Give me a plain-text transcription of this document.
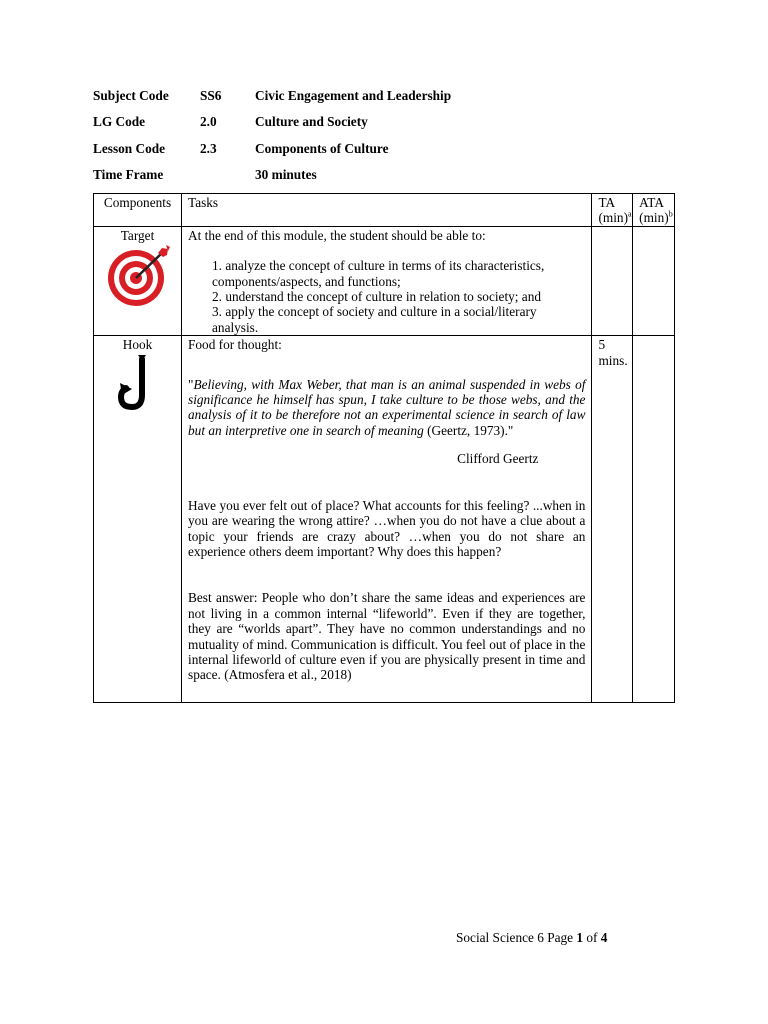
Subject Code	SS6	Civic Engagement and Leadership
LG Code	2.0	Culture and Society
Lesson Code	2.3	Components of Culture
Time Frame	30 minutes
Components	Tasks	TA $(\min)^a$	ATA $(\min)^b$

Target	At the end of this module, the student should be able to:
1. analyze the concept of culture in terms of its characteristics, components/aspects, and functions;
2. understand the concept of culture in relation to society; and
3. apply the concept of society and culture in a social/literary analysis.		

Hook	Food for thought:
"Believing, with Max Weber, that man is an animal suspended in webs of significance he himself has spun, I take culture to be those webs, and the analysis of it to be therefore not an experimental science in search of law but an interpretive one in search of meaning (Geertz, 1973)."
Clifford Geertz
Have you ever felt out of place? What accounts for this feeling? ...when in you are wearing the wrong attire? …when you do not have a clue about a topic your friends are crazy about? …when you do not share an experience others deem important? Why does this happen?
Best answer: People who don’t share the same ideas and experiences are not living in a common internal “lifeworld”. Even if they are together, they are “worlds apart”. They have no common understandings and no mutuality of mind. Communication is difficult. You feel out of place in the internal lifeworld of culture even if you are physically present in time and space. (Atmosfera et al., 2018)	5 mins.	
Social Science 6 Page 1 of 4
